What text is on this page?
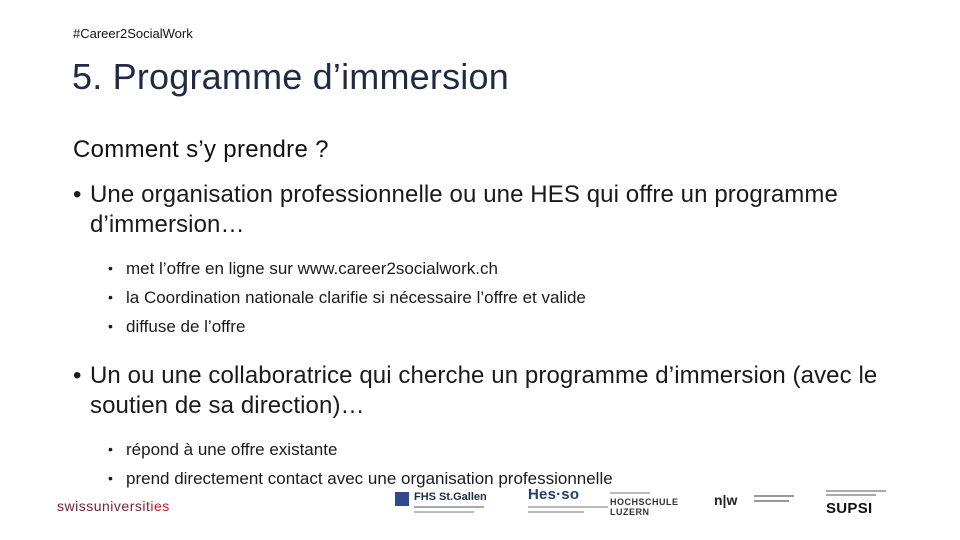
#Career2SocialWork
5. Programme d’immersion
Comment s’y prendre ?
• Une organisation professionnelle ou une HES qui offre un programme d’immersion…
• met l’offre en ligne sur www.career2socialwork.ch
• la Coordination nationale clarifie si nécessaire l’offre et valide
• diffuse de l’offre
• Un ou une collaboratrice qui cherche un programme d’immersion (avec le soutien de sa direction)…
• répond à une offre existante
• prend directement contact avec une organisation professionnelle
swissuniversities
FHS St.Gallen	Hes·so	HOCHSCHULE LUZERN
n|w	SUPSI
